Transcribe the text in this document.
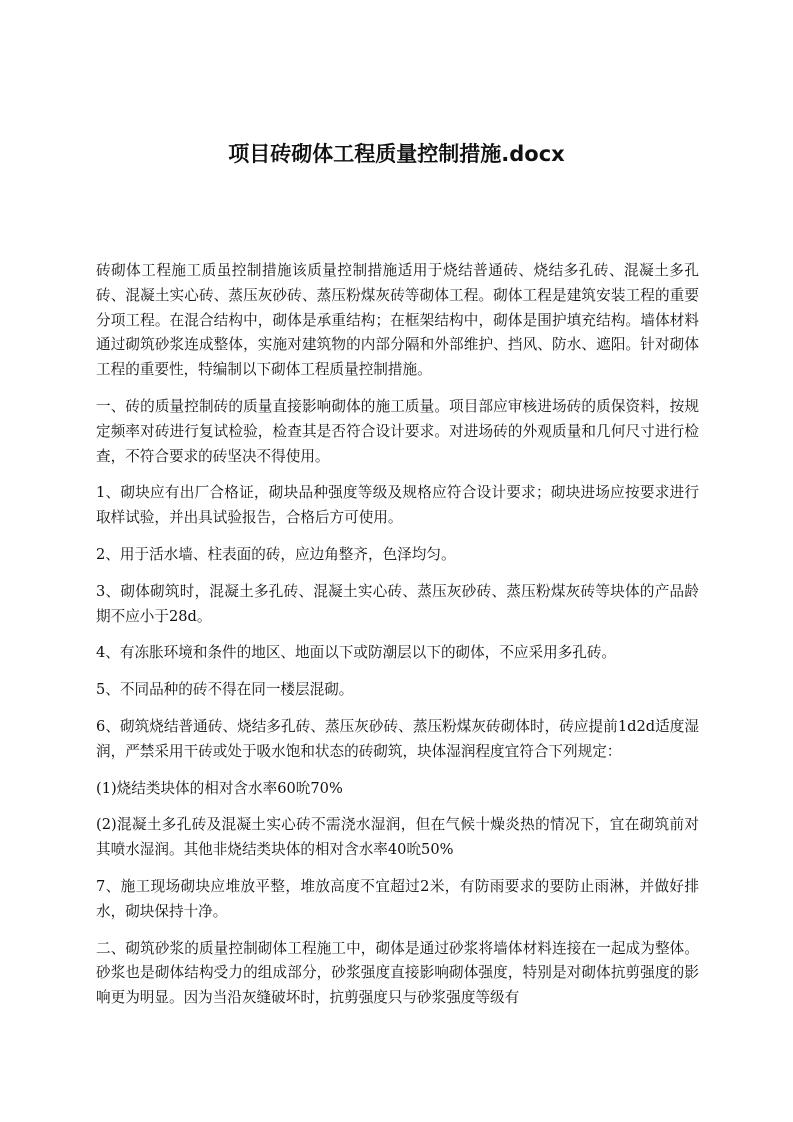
项目砖砌体工程质量控制措施.docx

砖砌体工程施工质虽控制措施该质量控制措施适用于烧结普通砖、烧结多孔砖、混凝土多孔砖、混凝土实心砖、蒸压灰砂砖、蒸压粉煤灰砖等砌体工程。砌体工程是建筑安装工程的重要分项工程。在混合结构中，砌体是承重结构；在框架结构中，砌体是围护填充结构。墙体材料通过砌筑砂浆连成整体，实施对建筑物的内部分隔和外部维护、挡风、防水、遮阳。针对砌体工程的重要性，特编制以下砌体工程质量控制措施。

一、砖的质量控制砖的质量直接影响砌体的施工质量。项目部应审核进场砖的质保资料，按规定频率对砖进行复试检验，检查其是否符合设计要求。对进场砖的外观质量和几何尺寸进行检查，不符合要求的砖坚决不得使用。

1、砌块应有出厂合格证，砌块品种强度等级及规格应符合设计要求；砌块进场应按要求进行取样试验，并出具试验报告，合格后方可使用。

2、用于活水墙、柱表面的砖，应边角整齐，色泽均匀。

3、砌体砌筑时，混凝土多孔砖、混凝土实心砖、蒸压灰砂砖、蒸压粉煤灰砖等块体的产品龄期不应小于28d。

4、有冻胀环境和条件的地区、地面以下或防潮层以下的砌体，不应采用多孔砖。

5、不同品种的砖不得在同一楼层混砌。

6、砌筑烧结普通砖、烧结多孔砖、蒸压灰砂砖、蒸压粉煤灰砖砌体时，砖应提前1d2d适度湿润，严禁采用干砖或处于吸水饱和状态的砖砌筑，块体湿润程度宜符合下列规定：

(1)烧结类块体的相对含水率60吮70%

(2)混凝土多孔砖及混凝土实心砖不需浇水湿润，但在气候十燥炎热的情况下，宜在砌筑前对其喷水湿润。其他非烧结类块体的相对含水率40吮50%

7、施工现场砌块应堆放平整，堆放高度不宜超过2米，有防雨要求的要防止雨淋，并做好排水，砌块保持十净。

二、砌筑砂浆的质量控制砌体工程施工中，砌体是通过砂浆将墙体材料连接在一起成为整体。砂浆也是砌体结构受力的组成部分，砂浆强度直接影响砌体强度，特别是对砌体抗剪强度的影响更为明显。因为当沿灰缝破坏时，抗剪强度只与砂浆强度等级有
